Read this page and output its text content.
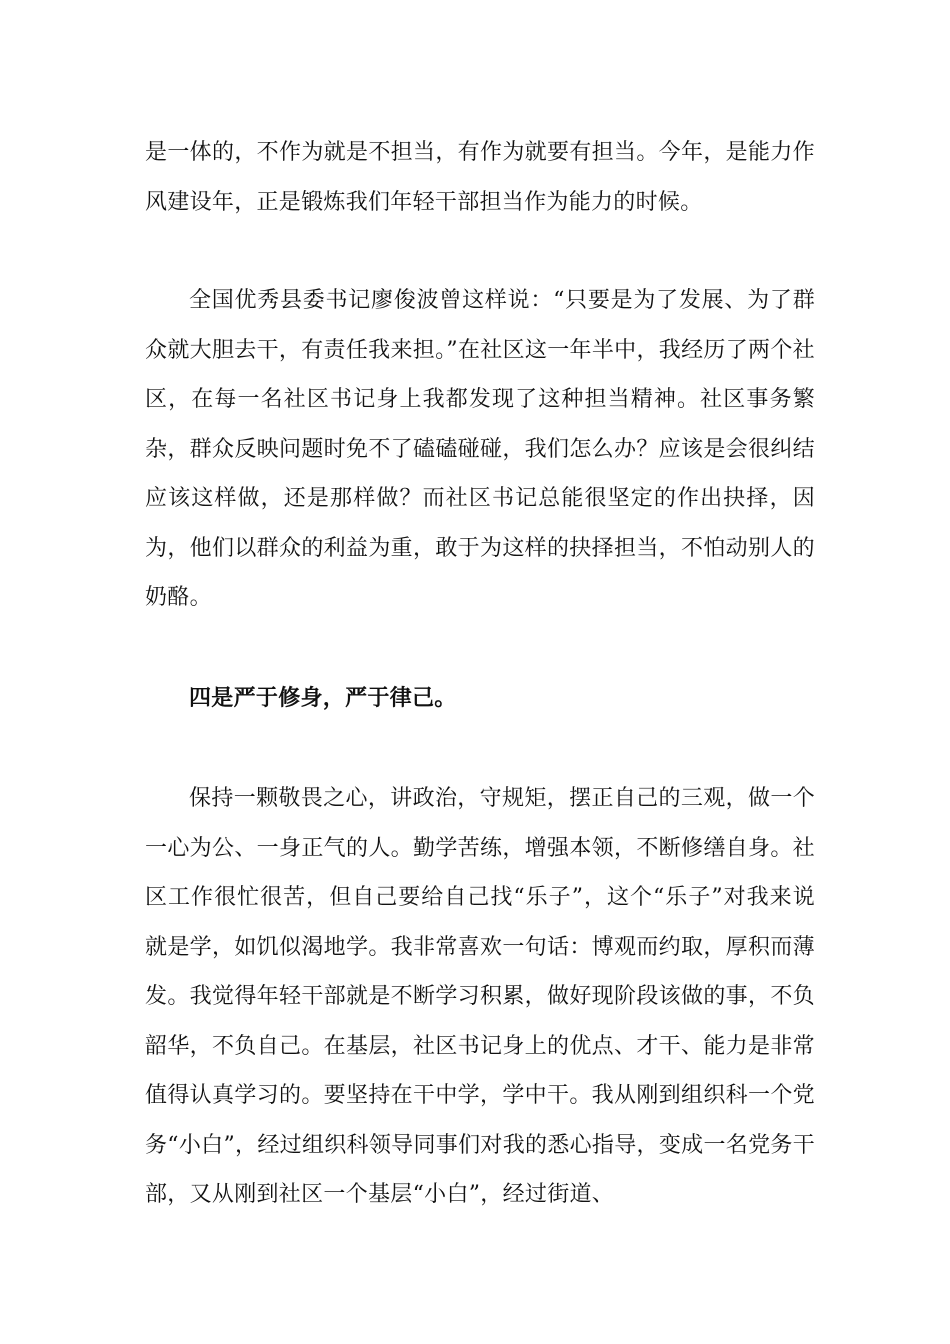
是一体的，不作为就是不担当，有作为就要有担当。今年，是能力作风建设年，正是锻炼我们年轻干部担当作为能力的时候。

全国优秀县委书记廖俊波曾这样说：“只要是为了发展、为了群众就大胆去干，有责任我来担。”在社区这一年半中，我经历了两个社区，在每一名社区书记身上我都发现了这种担当精神。社区事务繁杂，群众反映问题时免不了磕磕碰碰，我们怎么办？应该是会很纠结应该这样做，还是那样做？而社区书记总能很坚定的作出抉择，因为，他们以群众的利益为重，敢于为这样的抉择担当，不怕动别人的奶酪。

四是严于修身，严于律己。

保持一颗敬畏之心，讲政治，守规矩，摆正自己的三观，做一个一心为公、一身正气的人。勤学苦练，增强本领，不断修缮自身。社区工作很忙很苦，但自己要给自己找“乐子”，这个“乐子”对我来说就是学，如饥似渴地学。我非常喜欢一句话：博观而约取，厚积而薄发。我觉得年轻干部就是不断学习积累，做好现阶段该做的事，不负韶华，不负自己。在基层，社区书记身上的优点、才干、能力是非常值得认真学习的。要坚持在干中学，学中干。我从刚到组织科一个党务“小白”，经过组织科领导同事们对我的悉心指导，变成一名党务干部，又从刚到社区一个基层“小白”，经过街道、
